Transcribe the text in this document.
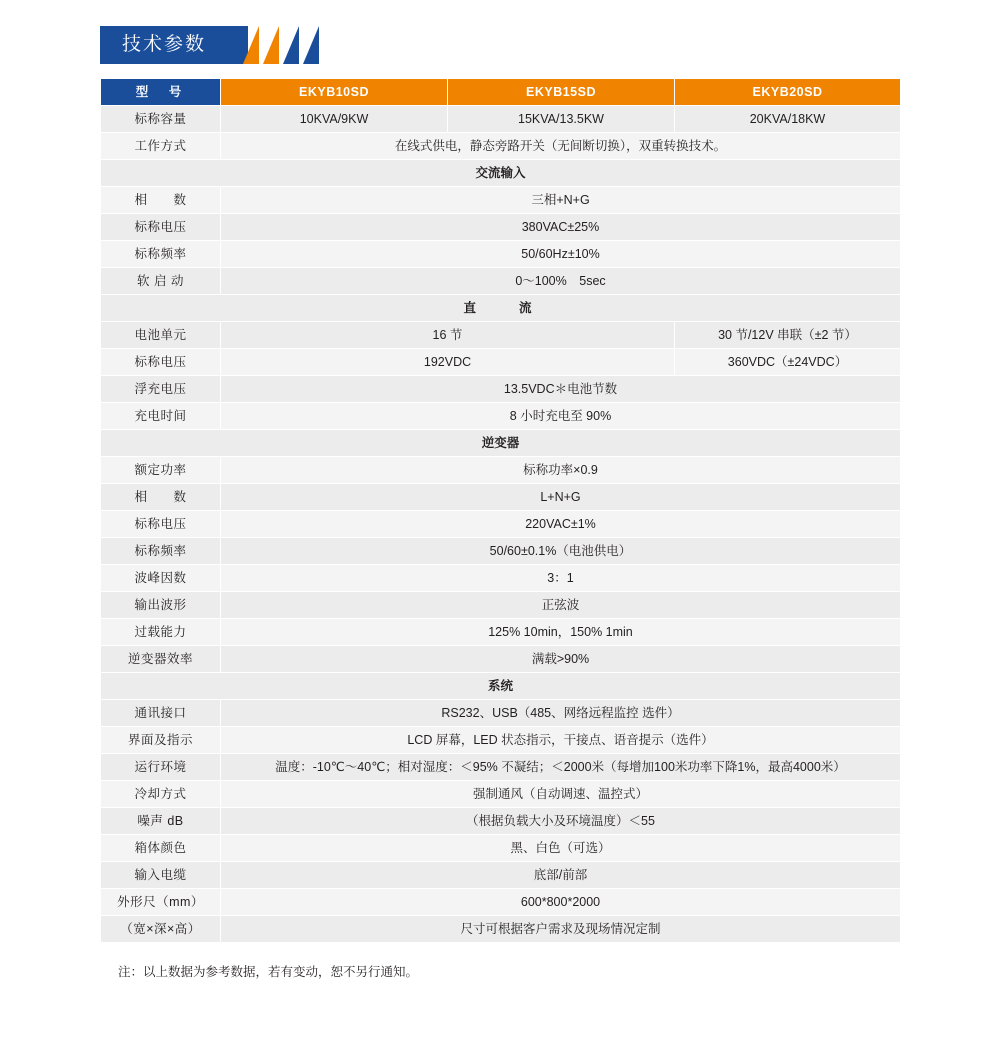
技术参数
型　号	EKYB10SD	EKYB15SD	EKYB20SD
标称容量	10KVA/9KW	15KVA/13.5KW	20KVA/18KW
工作方式	在线式供电，静态旁路开关（无间断切换），双重转换技术。		
交流输入			
相　　数	三相+N+G		
标称电压	380VAC±25%		
标称频率	50/60Hz±10%		
软 启 动	0～100%　5sec		
直　　流			
电池单元	16 节		30 节/12V 串联（±2 节）
标称电压	192VDC		360VDC（±24VDC）
浮充电压	13.5VDC＊电池节数		
充电时间	8 小时充电至 90%		
逆变器			
额定功率	标称功率×0.9		
相　　数	L+N+G		
标称电压	220VAC±1%		
标称频率	50/60±0.1%（电池供电）		
波峰因数	3：1		
输出波形	正弦波		
过载能力	125% 10min，150% 1min		
逆变器效率	满载>90%		
系统			
通讯接口	RS232、USB（485、网络远程监控 选件）		
界面及指示	LCD 屏幕，LED 状态指示，干接点、语音提示（选件）		
运行环境	温度：-10℃～40℃；相对湿度：＜95% 不凝结；＜2000米（每增加100米功率下降1%，最高4000米）		
冷却方式	强制通风（自动调速、温控式）		
噪声 dB	（根据负载大小及环境温度）＜55		
箱体颜色	黑、白色（可选）		
输入电缆	底部/前部		
外形尺（mm）	600*800*2000		
（宽×深×高）	尺寸可根据客户需求及现场情况定制		
注：以上数据为参考数据，若有变动，恕不另行通知。
